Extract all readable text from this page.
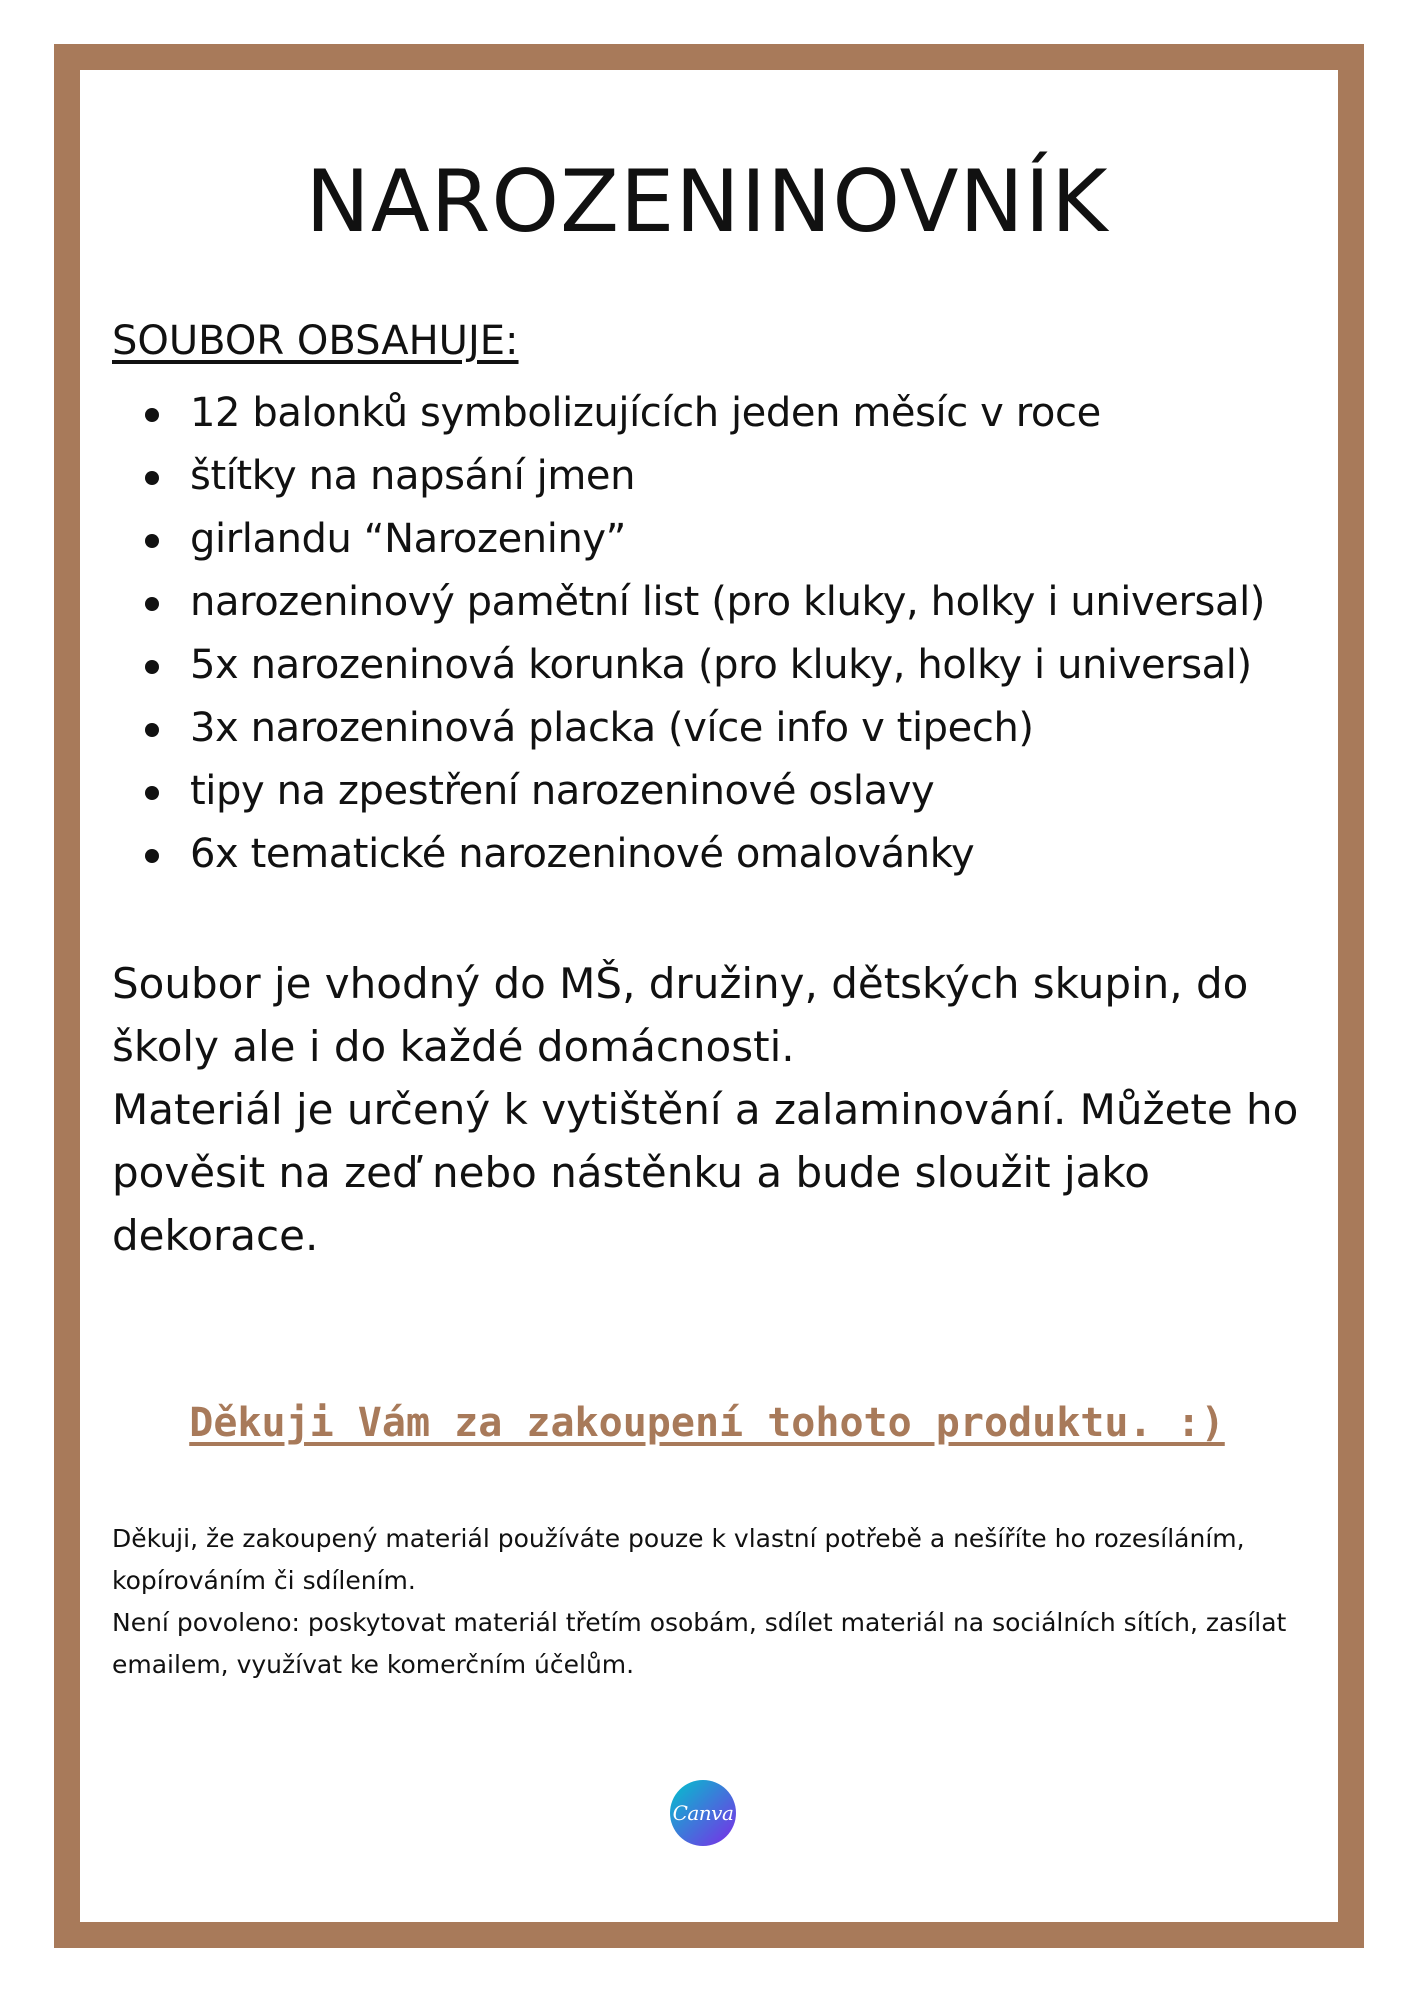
NAROZENINOVNÍK
SOUBOR OBSAHUJE:
12 balonků symbolizujících jeden měsíc v roce
štítky na napsání jmen
girlandu “Narozeniny”
narozeninový pamětní list (pro kluky, holky i universal)
5x narozeninová korunka (pro kluky, holky i universal)
3x narozeninová placka (více info v tipech)
tipy na zpestření narozeninové oslavy
6x tematické narozeninové omalovánky

Soubor je vhodný do MŠ, družiny, dětských skupin, do školy ale i do každé domácnosti.

Materiál je určený k vytištění a zalaminování. Můžete ho pověsit na zeď nebo nástěnku a bude sloužit jako dekorace.

Děkuji Vám za zakoupení tohoto produktu. :)

Děkuji, že zakoupený materiál používáte pouze k vlastní potřebě a nešíříte ho rozesíláním, kopírováním či sdílením.

Není povoleno: poskytovat materiál třetím osobám, sdílet materiál na sociálních sítích, zasílat emailem, využívat ke komerčním účelům.

Canva
